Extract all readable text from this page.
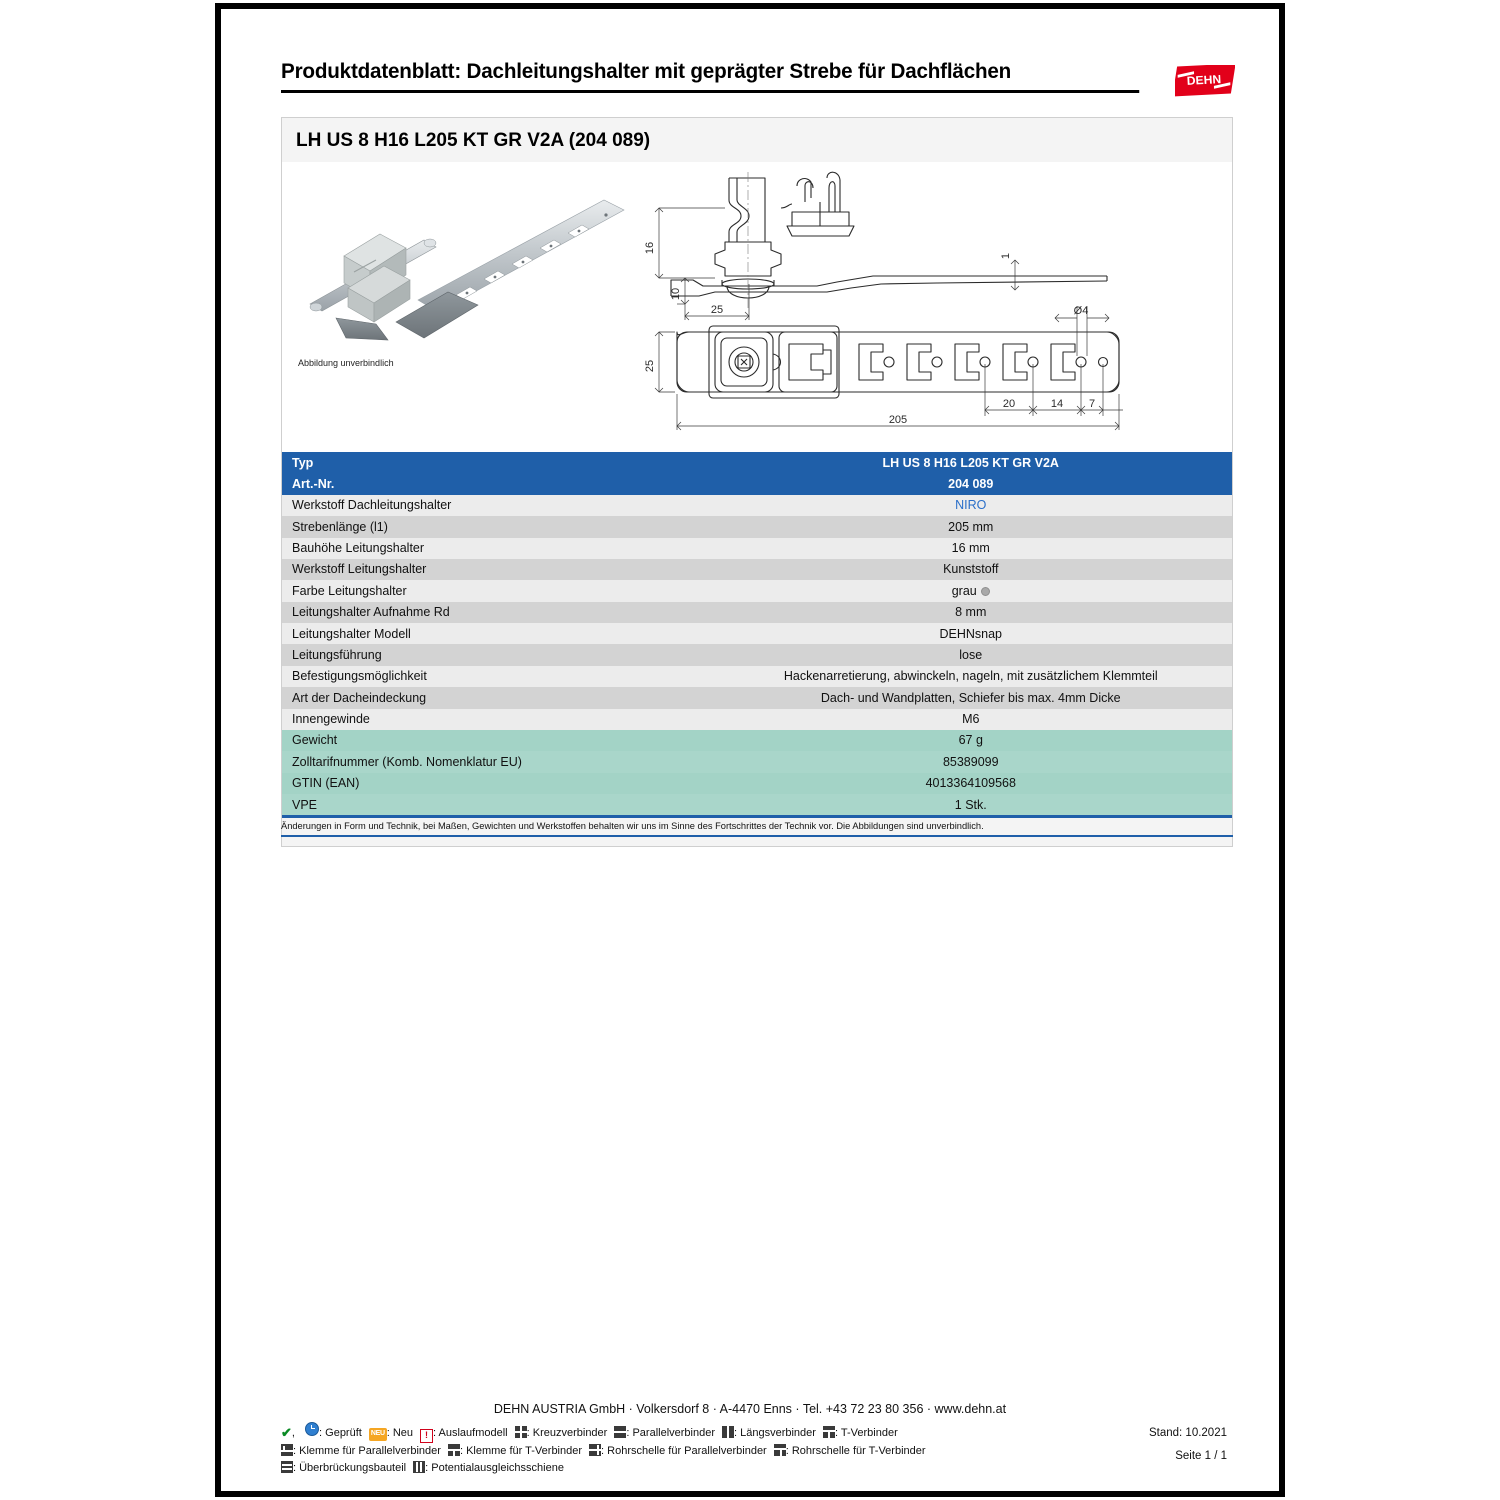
Produktdatenblatt: Dachleitungshalter mit geprägter Strebe für Dachflächen	DEHN
LH US 8 H16 L205 KT GR V2A (204 089)
Abbildung unverbindlich
16
10
25
1
Ø4
25
205
20	14 7
Typ	LH US 8 H16 L205 KT GR V2A
Art.-Nr.	204 089
Werkstoff Dachleitungshalter	NIRO
Strebenlänge (l1)	205 mm
Bauhöhe Leitungshalter	16 mm
Werkstoff Leitungshalter	Kunststoff
Farbe Leitungshalter	grau
Leitungshalter Aufnahme Rd	8 mm
Leitungshalter Modell	DEHNsnap
Leitungsführung	lose
Befestigungsmöglichkeit	Hackenarretierung, abwinckeln, nageln, mit zusätzlichem Klemmteil
Art der Dacheindeckung	Dach- und Wandplatten, Schiefer bis max. 4mm Dicke
Innengewinde	M6
Gewicht	67 g
Zolltarifnummer (Komb. Nomenklatur EU)	85389099
GTIN (EAN)	4013364109568
VPE	1 Stk.
Änderungen in Form und Technik, bei Maßen, Gewichten und Werkstoffen behalten wir uns im Sinne des Fortschrittes der Technik vor. Die Abbildungen sind unverbindlich.
DEHN AUSTRIA GmbH · Volkersdorf 8 · A-4470 Enns · Tel. +43 72 23 80 356 · www.dehn.at
✔, : Geprüft NEU : Neu ! : Auslaufmodell : Kreuzverbinder : Parallelverbinder : Längsverbinder : T-Verbinder
: Klemme für Parallelverbinder : Klemme für T-Verbinder : Rohrschelle für Parallelverbinder : Rohrschelle für T-Verbinder
: Überbrückungsbauteil : Potentialausgleichsschiene
Stand: 10.2021
Seite 1 / 1
